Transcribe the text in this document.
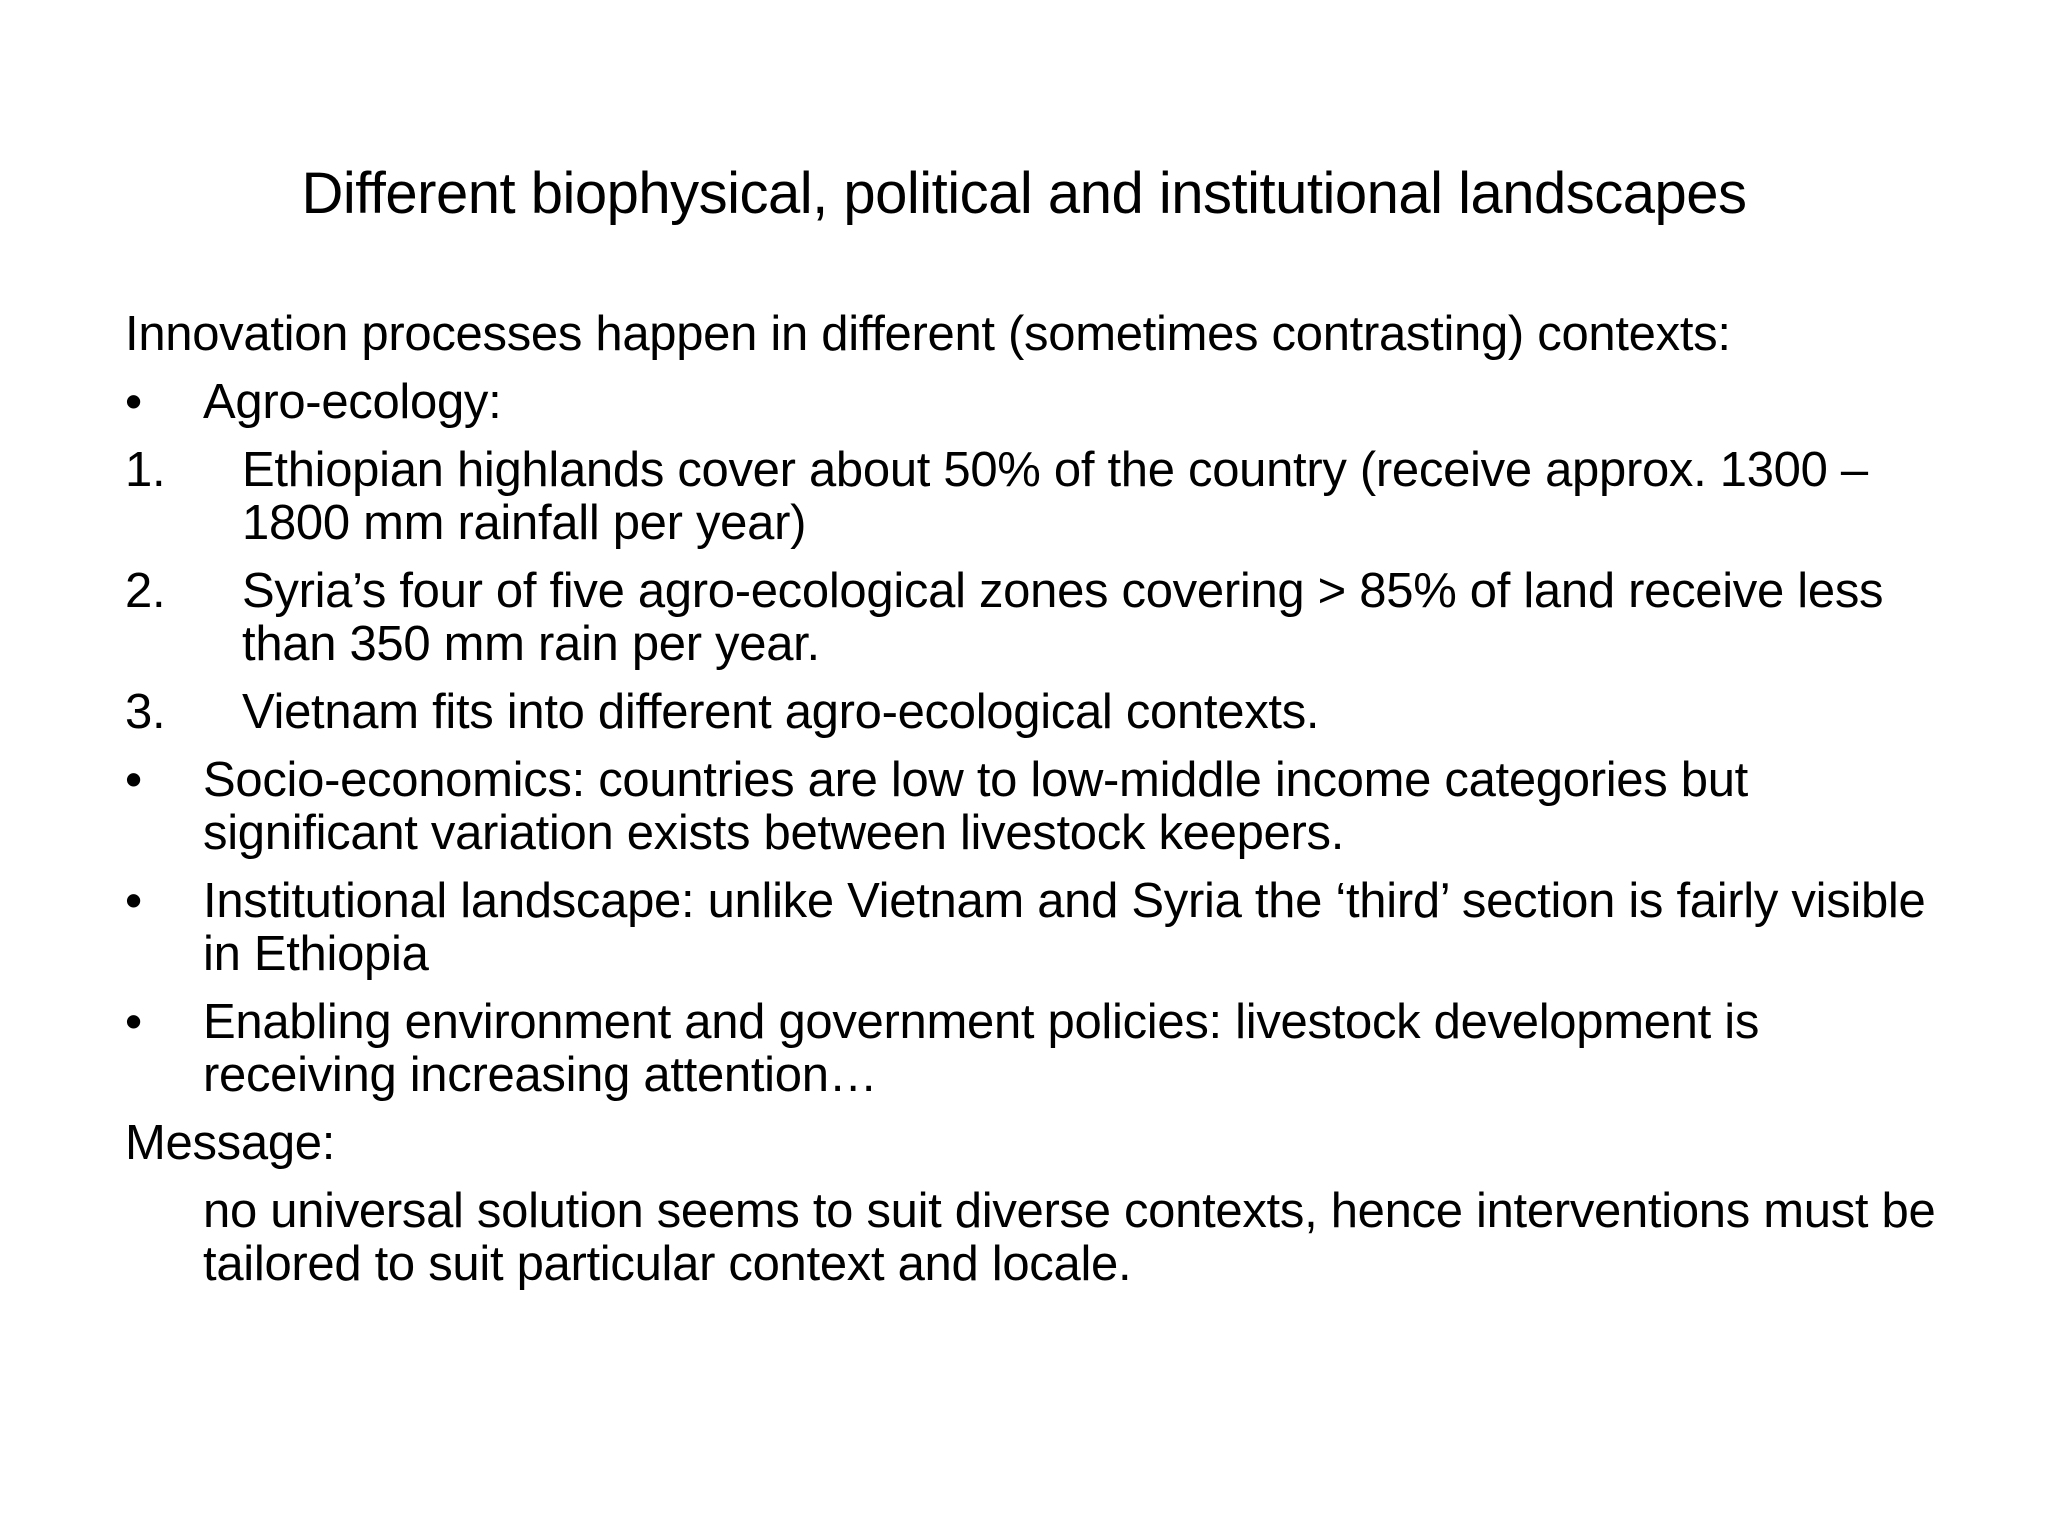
Different biophysical, political and institutional landscapes

Innovation processes happen in different (sometimes contrasting) contexts:

•	Agro-ecology:

1.	Ethiopian highlands cover about 50% of the country (receive approx. 1300 – 1800 mm rainfall per year)

2.	Syria’s four of five agro-ecological zones covering > 85% of land receive less than 350 mm rain per year.

3.	Vietnam fits into different agro-ecological contexts.

•	Socio-economics: countries are low to low-middle income categories but significant variation exists between livestock keepers.

•	Institutional landscape: unlike Vietnam and Syria the ‘third’ section is fairly visible in Ethiopia

•	Enabling environment and government policies: livestock development is receiving increasing attention…

Message:

no universal solution seems to suit diverse contexts, hence interventions must be tailored to suit particular context and locale.
